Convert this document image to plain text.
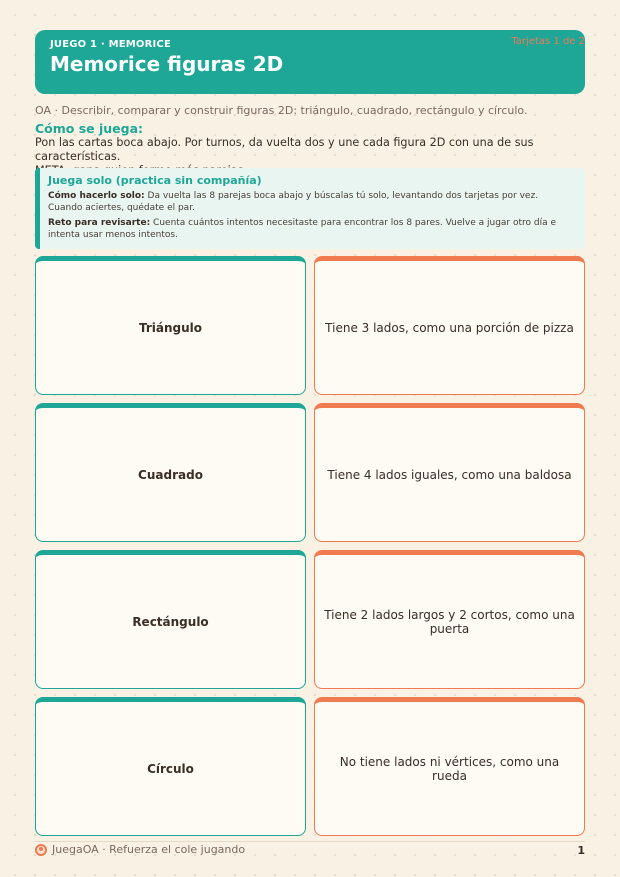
JUEGO 1 · MEMORICE
Memorice figuras 2D
Tarjetas 1 de 2
OA · Describir, comparar y construir figuras 2D: triángulo, cuadrado, rectángulo y círculo.
Cómo se juega:
Pon las cartas boca abajo. Por turnos, da vuelta dos y une cada figura 2D con una de sus características.
Juega solo (practica sin compañía)
Cómo hacerlo solo: Da vuelta las 8 parejas boca abajo y búscalas tú solo, levantando dos tarjetas por vez. Cuando aciertes, quédate el par.
Reto para revisarte: Cuenta cuántos intentos necesitaste para encontrar los 8 pares. Vuelve a jugar otro día e intenta usar menos intentos.
Triángulo	Tiene 3 lados, como una porción de pizza
Cuadrado	Tiene 4 lados iguales, como una baldosa
Rectángulo	Tiene 2 lados largos y 2 cortos, como una puerta
Círculo	No tiene lados ni vértices, como una rueda
JuegaOA · Refuerza el cole jugando	1
